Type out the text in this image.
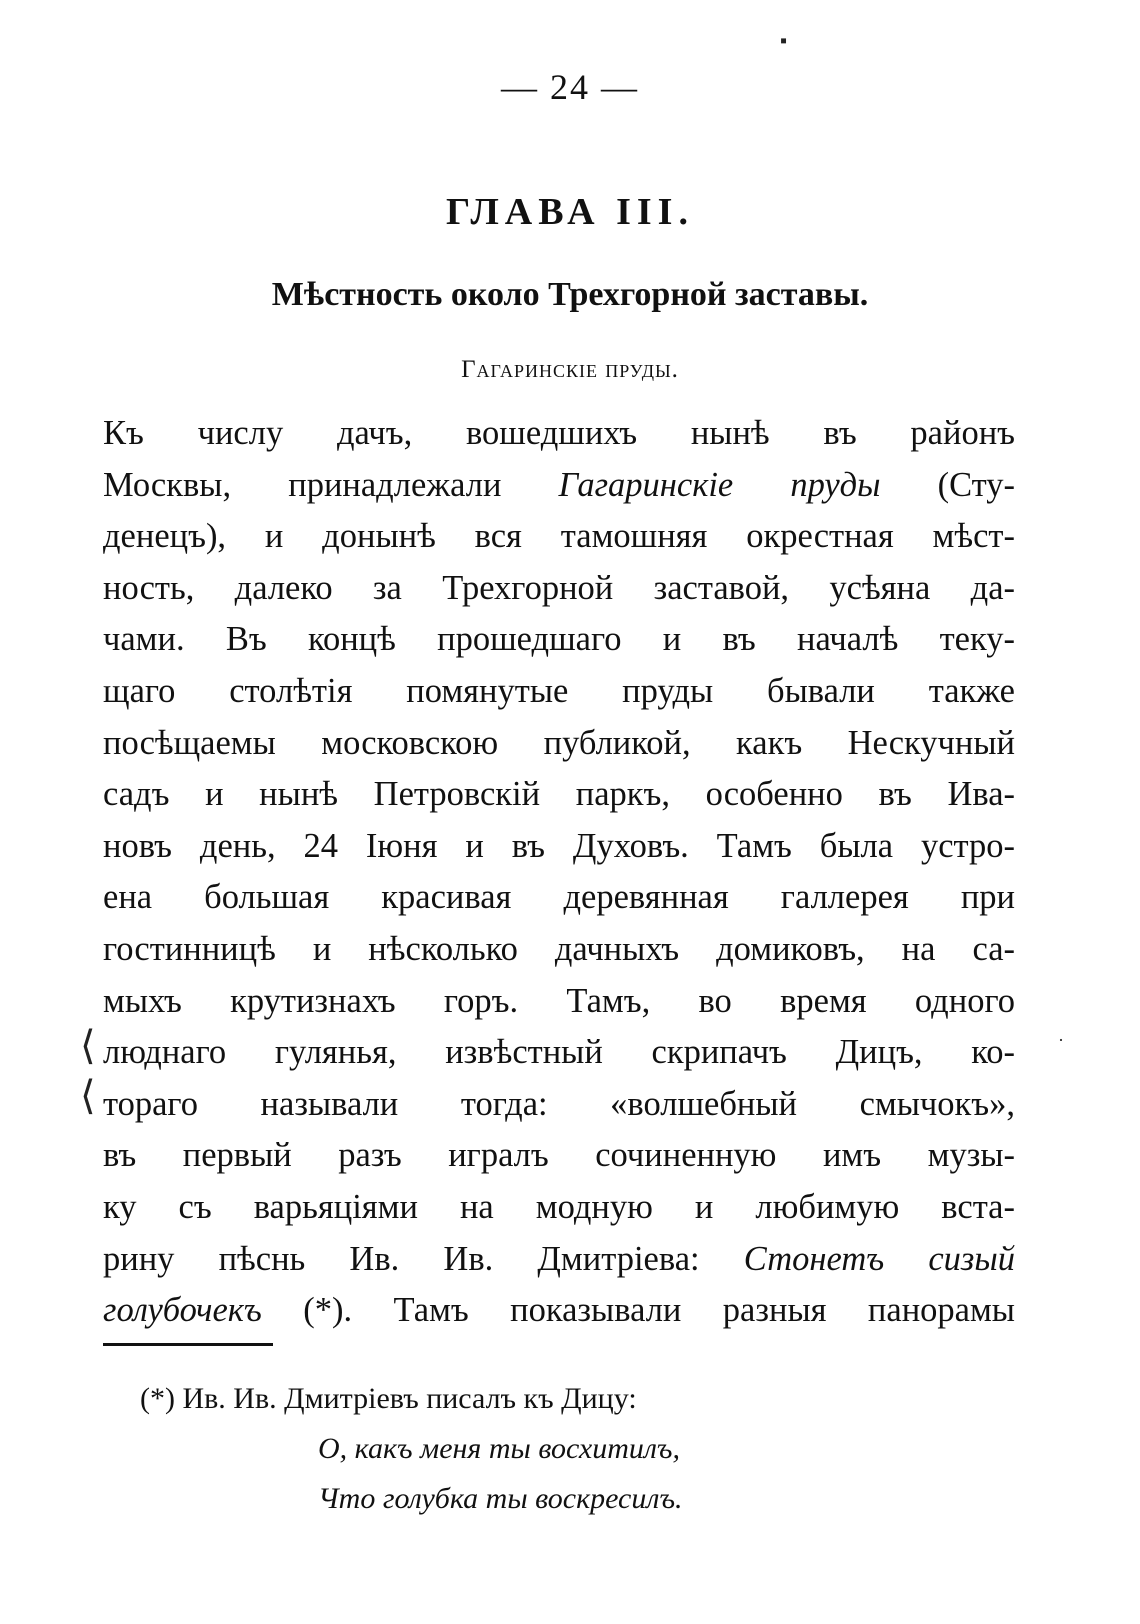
▪
— 24 —
ГЛАВА III.
Мѣстность около Трехгорной заставы.
Гагаринскіе пруды.
Къ числу дачъ, вошедшихъ нынѣ въ районъ
Москвы, принадлежали Гагаринскіе пруды (Сту-
денецъ), и донынѣ вся тамошняя окрестная мѣст-
ность, далеко за Трехгорной заставой, усѣяна да-
чами. Въ концѣ прошедшаго и въ началѣ теку-
щаго столѣтія помянутые пруды бывали также
посѣщаемы московскою публикой, какъ Нескучный
садъ и нынѣ Петровскій паркъ, особенно въ Ива-
новъ день, 24 Іюня и въ Духовъ. Тамъ была устро-
ена большая красивая деревянная галлерея при
гостинницѣ и нѣсколько дачныхъ домиковъ, на са-
мыхъ крутизнахъ горъ. Тамъ, во время одного
люднаго гулянья, извѣстный скрипачъ Дицъ, ко-
тораго называли тогда: «волшебный смычокъ»,
въ первый разъ игралъ сочиненную имъ музы-
ку съ варьяціями на модную и любимую вста-
рину пѣснь Ив. Ив. Дмитріева: Стонетъ сизый
голубочекъ (*). Тамъ показывали разныя панорамы
⟨
⟨
·
(*) Ив. Ив. Дмитріевъ писалъ къ Дицу:
О, какъ меня ты восхитилъ,
Что голубка ты воскресилъ.
